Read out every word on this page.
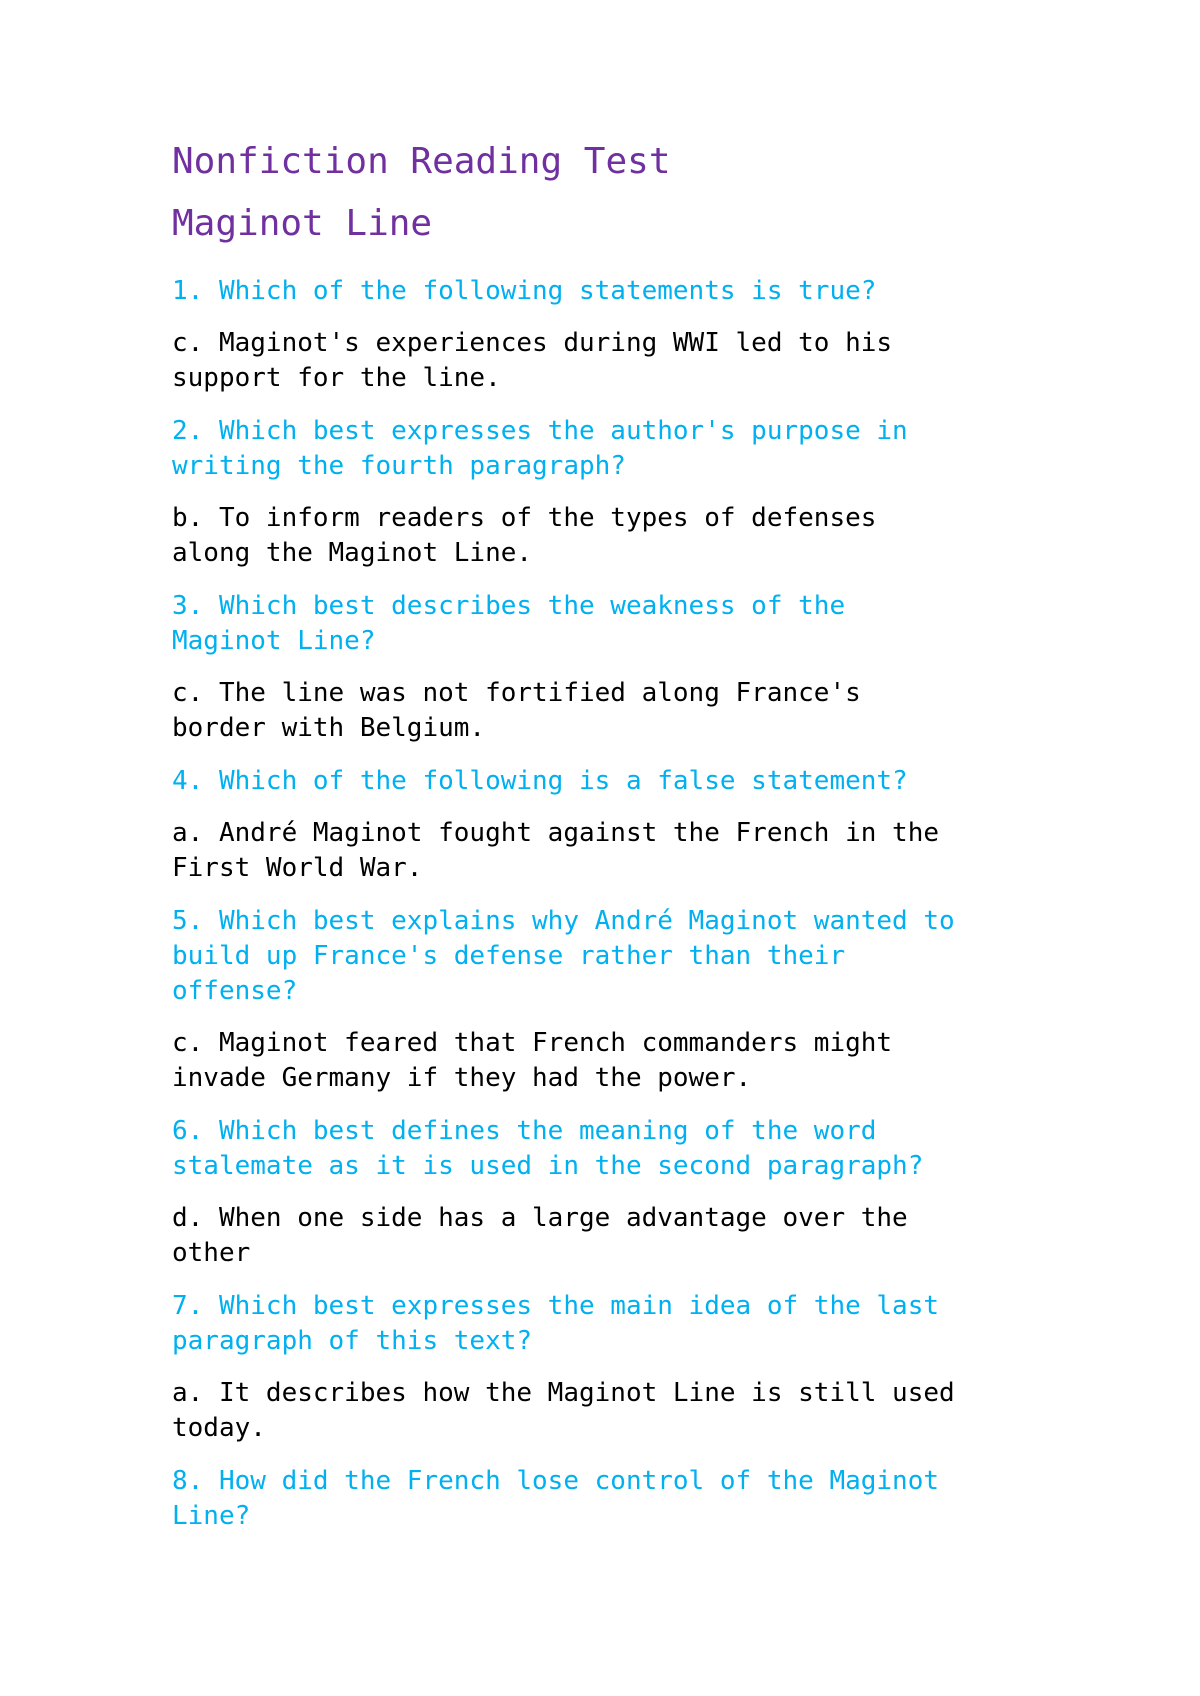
Nonfiction Reading Test
Maginot Line

1. Which of the following statements is true?

c. Maginot's experiences during WWI led to his
support for the line.

2. Which best expresses the author's purpose in
writing the fourth paragraph?

b. To inform readers of the types of defenses
along the Maginot Line.

3. Which best describes the weakness of the
Maginot Line?

c. The line was not fortified along France's
border with Belgium.

4. Which of the following is a false statement?

a. André Maginot fought against the French in the
First World War.

5. Which best explains why André Maginot wanted to
build up France's defense rather than their
offense?

c. Maginot feared that French commanders might
invade Germany if they had the power.

6. Which best defines the meaning of the word
stalemate as it is used in the second paragraph?

d. When one side has a large advantage over the
other

7. Which best expresses the main idea of the last
paragraph of this text?

a. It describes how the Maginot Line is still used
today.

8. How did the French lose control of the Maginot
Line?
